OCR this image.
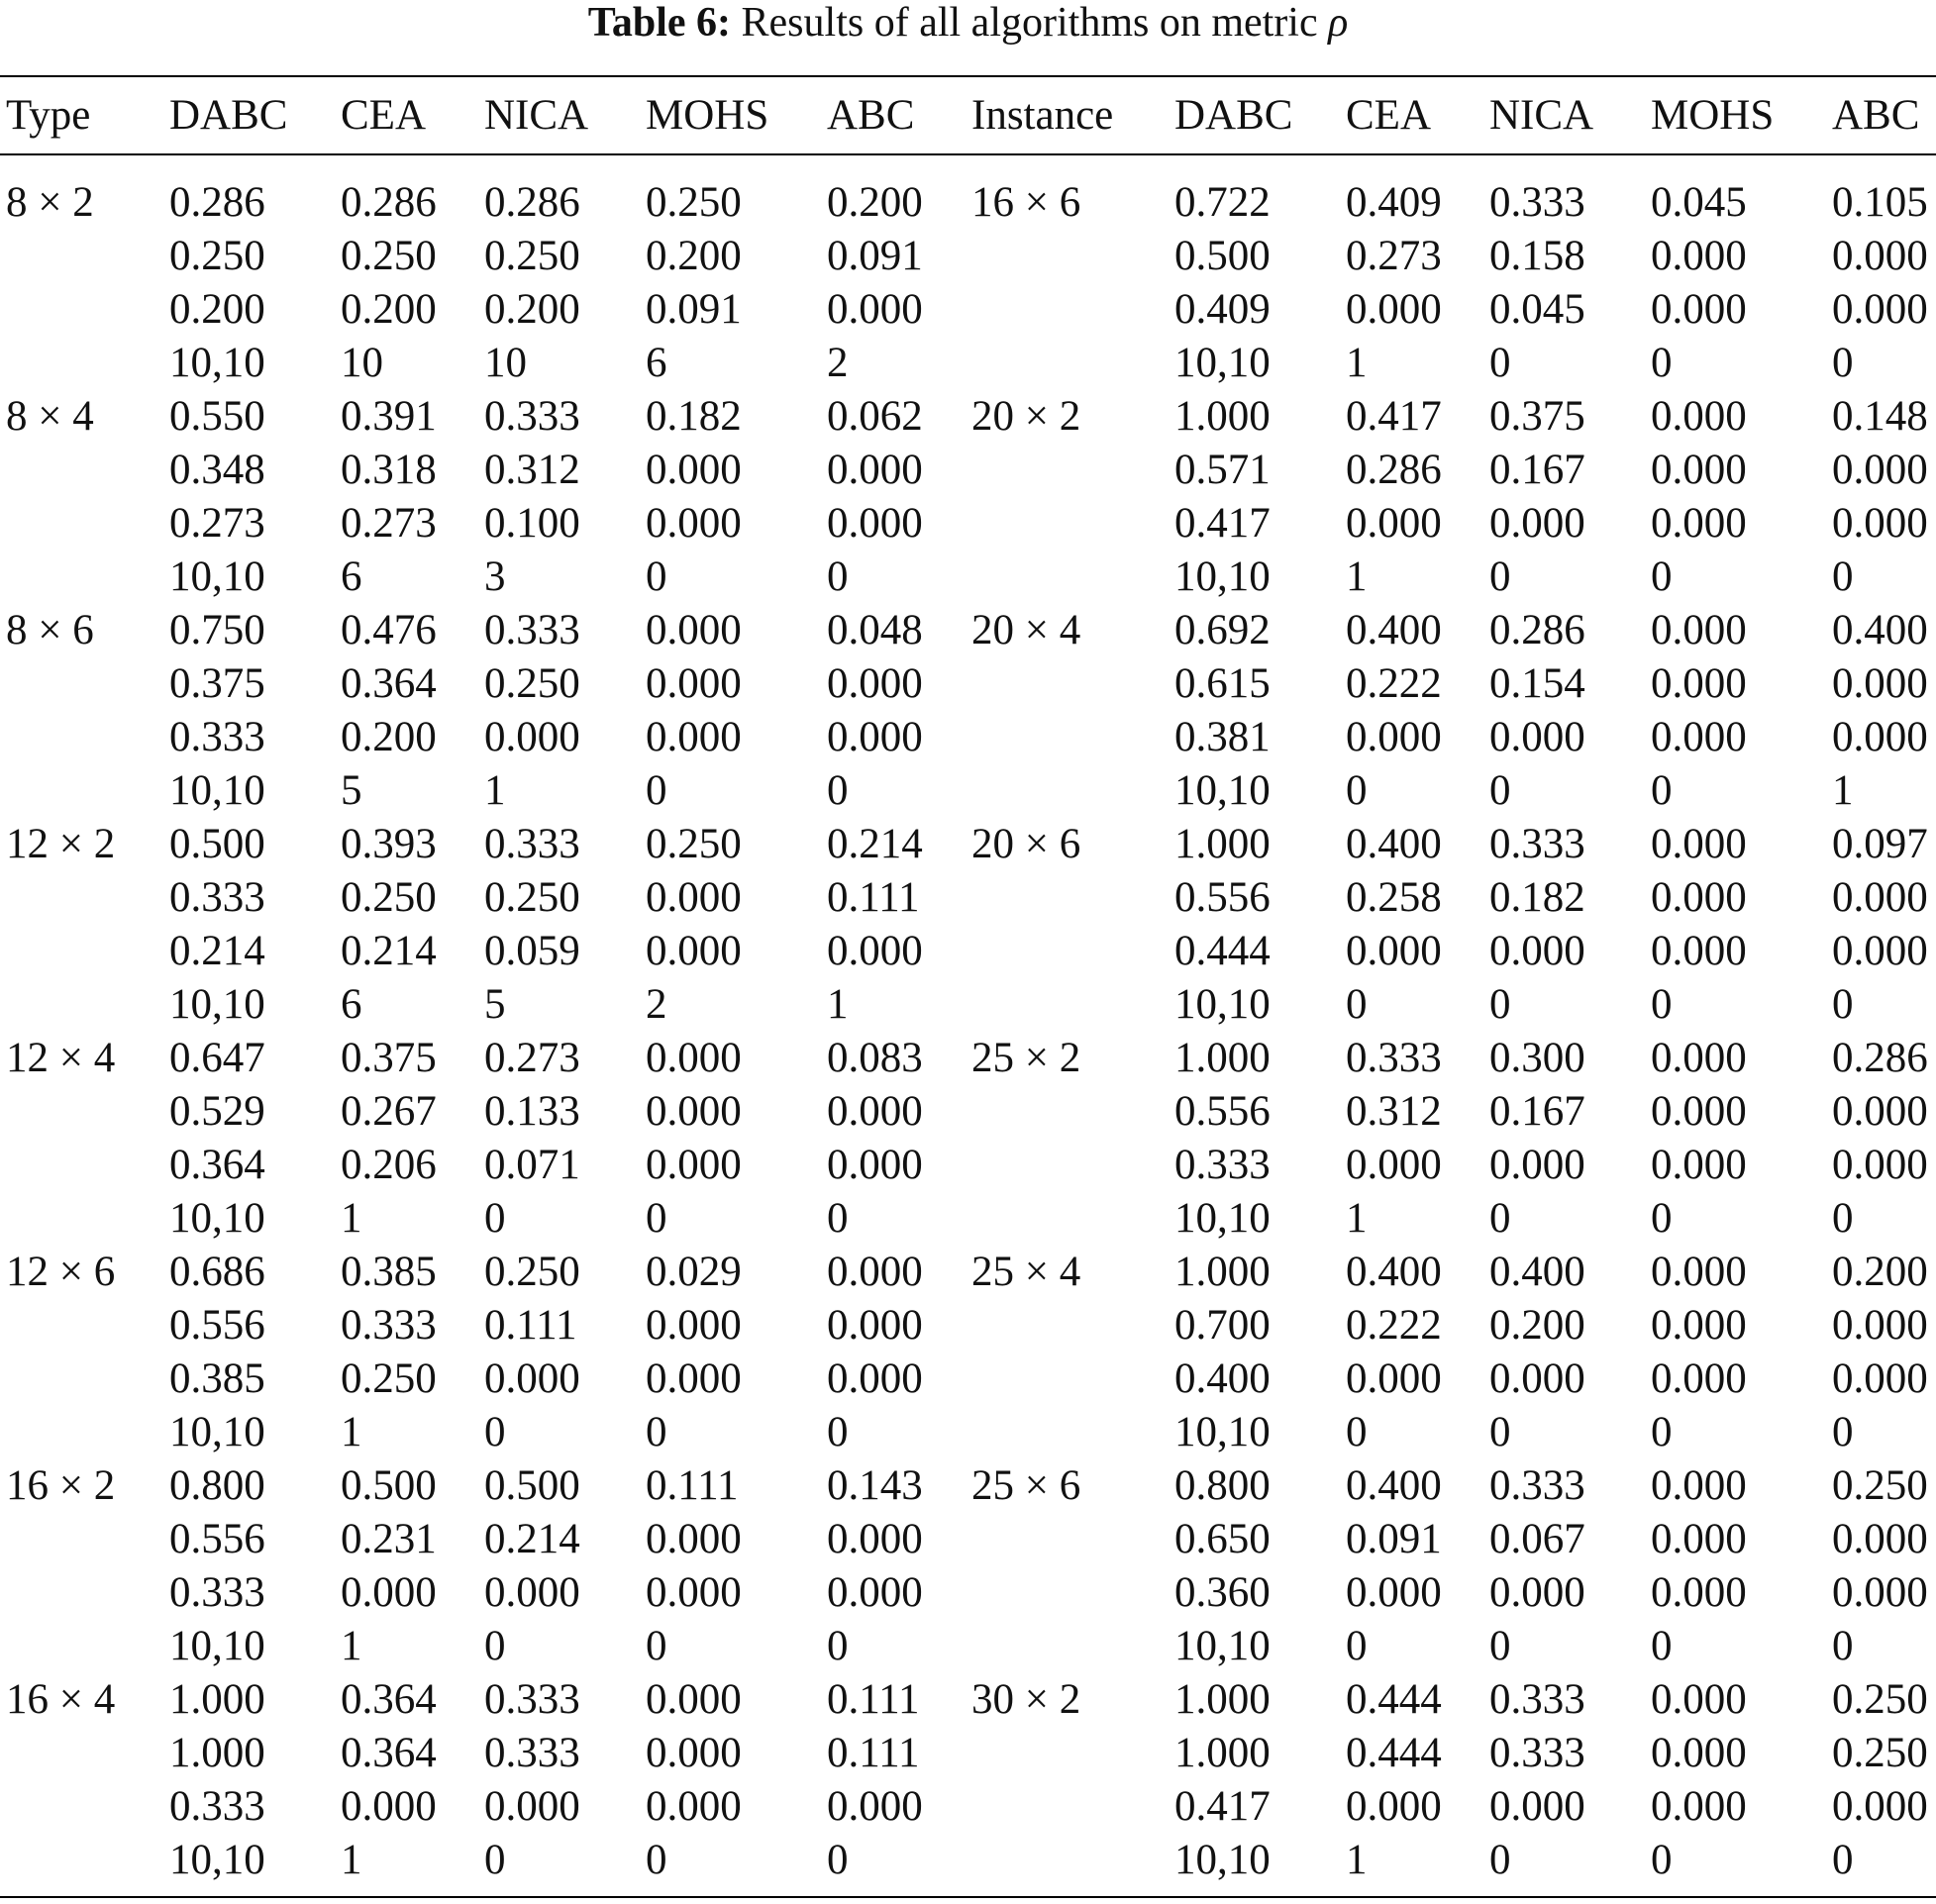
Table 6: Results of all algorithms on metric ρ
Type	DABC	CEA	NICA	MOHS	ABC	Instance	DABC	CEA	NICA	MOHS	ABC

8 × 2	0.286	0.286	0.286	0.250	0.200	16 × 6	0.722	0.409	0.333	0.045	0.105
	0.250	0.250	0.250	0.200	0.091		0.500	0.273	0.158	0.000	0.000
	0.200	0.200	0.200	0.091	0.000		0.409	0.000	0.045	0.000	0.000
	10,10	10	10	6	2		10,10	1	0	0	0
8 × 4	0.550	0.391	0.333	0.182	0.062	20 × 2	1.000	0.417	0.375	0.000	0.148
	0.348	0.318	0.312	0.000	0.000		0.571	0.286	0.167	0.000	0.000
	0.273	0.273	0.100	0.000	0.000		0.417	0.000	0.000	0.000	0.000
	10,10	6	3	0	0		10,10	1	0	0	0
8 × 6	0.750	0.476	0.333	0.000	0.048	20 × 4	0.692	0.400	0.286	0.000	0.400
	0.375	0.364	0.250	0.000	0.000		0.615	0.222	0.154	0.000	0.000
	0.333	0.200	0.000	0.000	0.000		0.381	0.000	0.000	0.000	0.000
	10,10	5	1	0	0		10,10	0	0	0	1
12 × 2	0.500	0.393	0.333	0.250	0.214	20 × 6	1.000	0.400	0.333	0.000	0.097
	0.333	0.250	0.250	0.000	0.111		0.556	0.258	0.182	0.000	0.000
	0.214	0.214	0.059	0.000	0.000		0.444	0.000	0.000	0.000	0.000
	10,10	6	5	2	1		10,10	0	0	0	0
12 × 4	0.647	0.375	0.273	0.000	0.083	25 × 2	1.000	0.333	0.300	0.000	0.286
	0.529	0.267	0.133	0.000	0.000		0.556	0.312	0.167	0.000	0.000
	0.364	0.206	0.071	0.000	0.000		0.333	0.000	0.000	0.000	0.000
	10,10	1	0	0	0		10,10	1	0	0	0
12 × 6	0.686	0.385	0.250	0.029	0.000	25 × 4	1.000	0.400	0.400	0.000	0.200
	0.556	0.333	0.111	0.000	0.000		0.700	0.222	0.200	0.000	0.000
	0.385	0.250	0.000	0.000	0.000		0.400	0.000	0.000	0.000	0.000
	10,10	1	0	0	0		10,10	0	0	0	0
16 × 2	0.800	0.500	0.500	0.111	0.143	25 × 6	0.800	0.400	0.333	0.000	0.250
	0.556	0.231	0.214	0.000	0.000		0.650	0.091	0.067	0.000	0.000
	0.333	0.000	0.000	0.000	0.000		0.360	0.000	0.000	0.000	0.000
	10,10	1	0	0	0		10,10	0	0	0	0
16 × 4	1.000	0.364	0.333	0.000	0.111	30 × 2	1.000	0.444	0.333	0.000	0.250
	1.000	0.364	0.333	0.000	0.111		1.000	0.444	0.333	0.000	0.250
	0.333	0.000	0.000	0.000	0.000		0.417	0.000	0.000	0.000	0.000
	10,10	1	0	0	0		10,10	1	0	0	0
